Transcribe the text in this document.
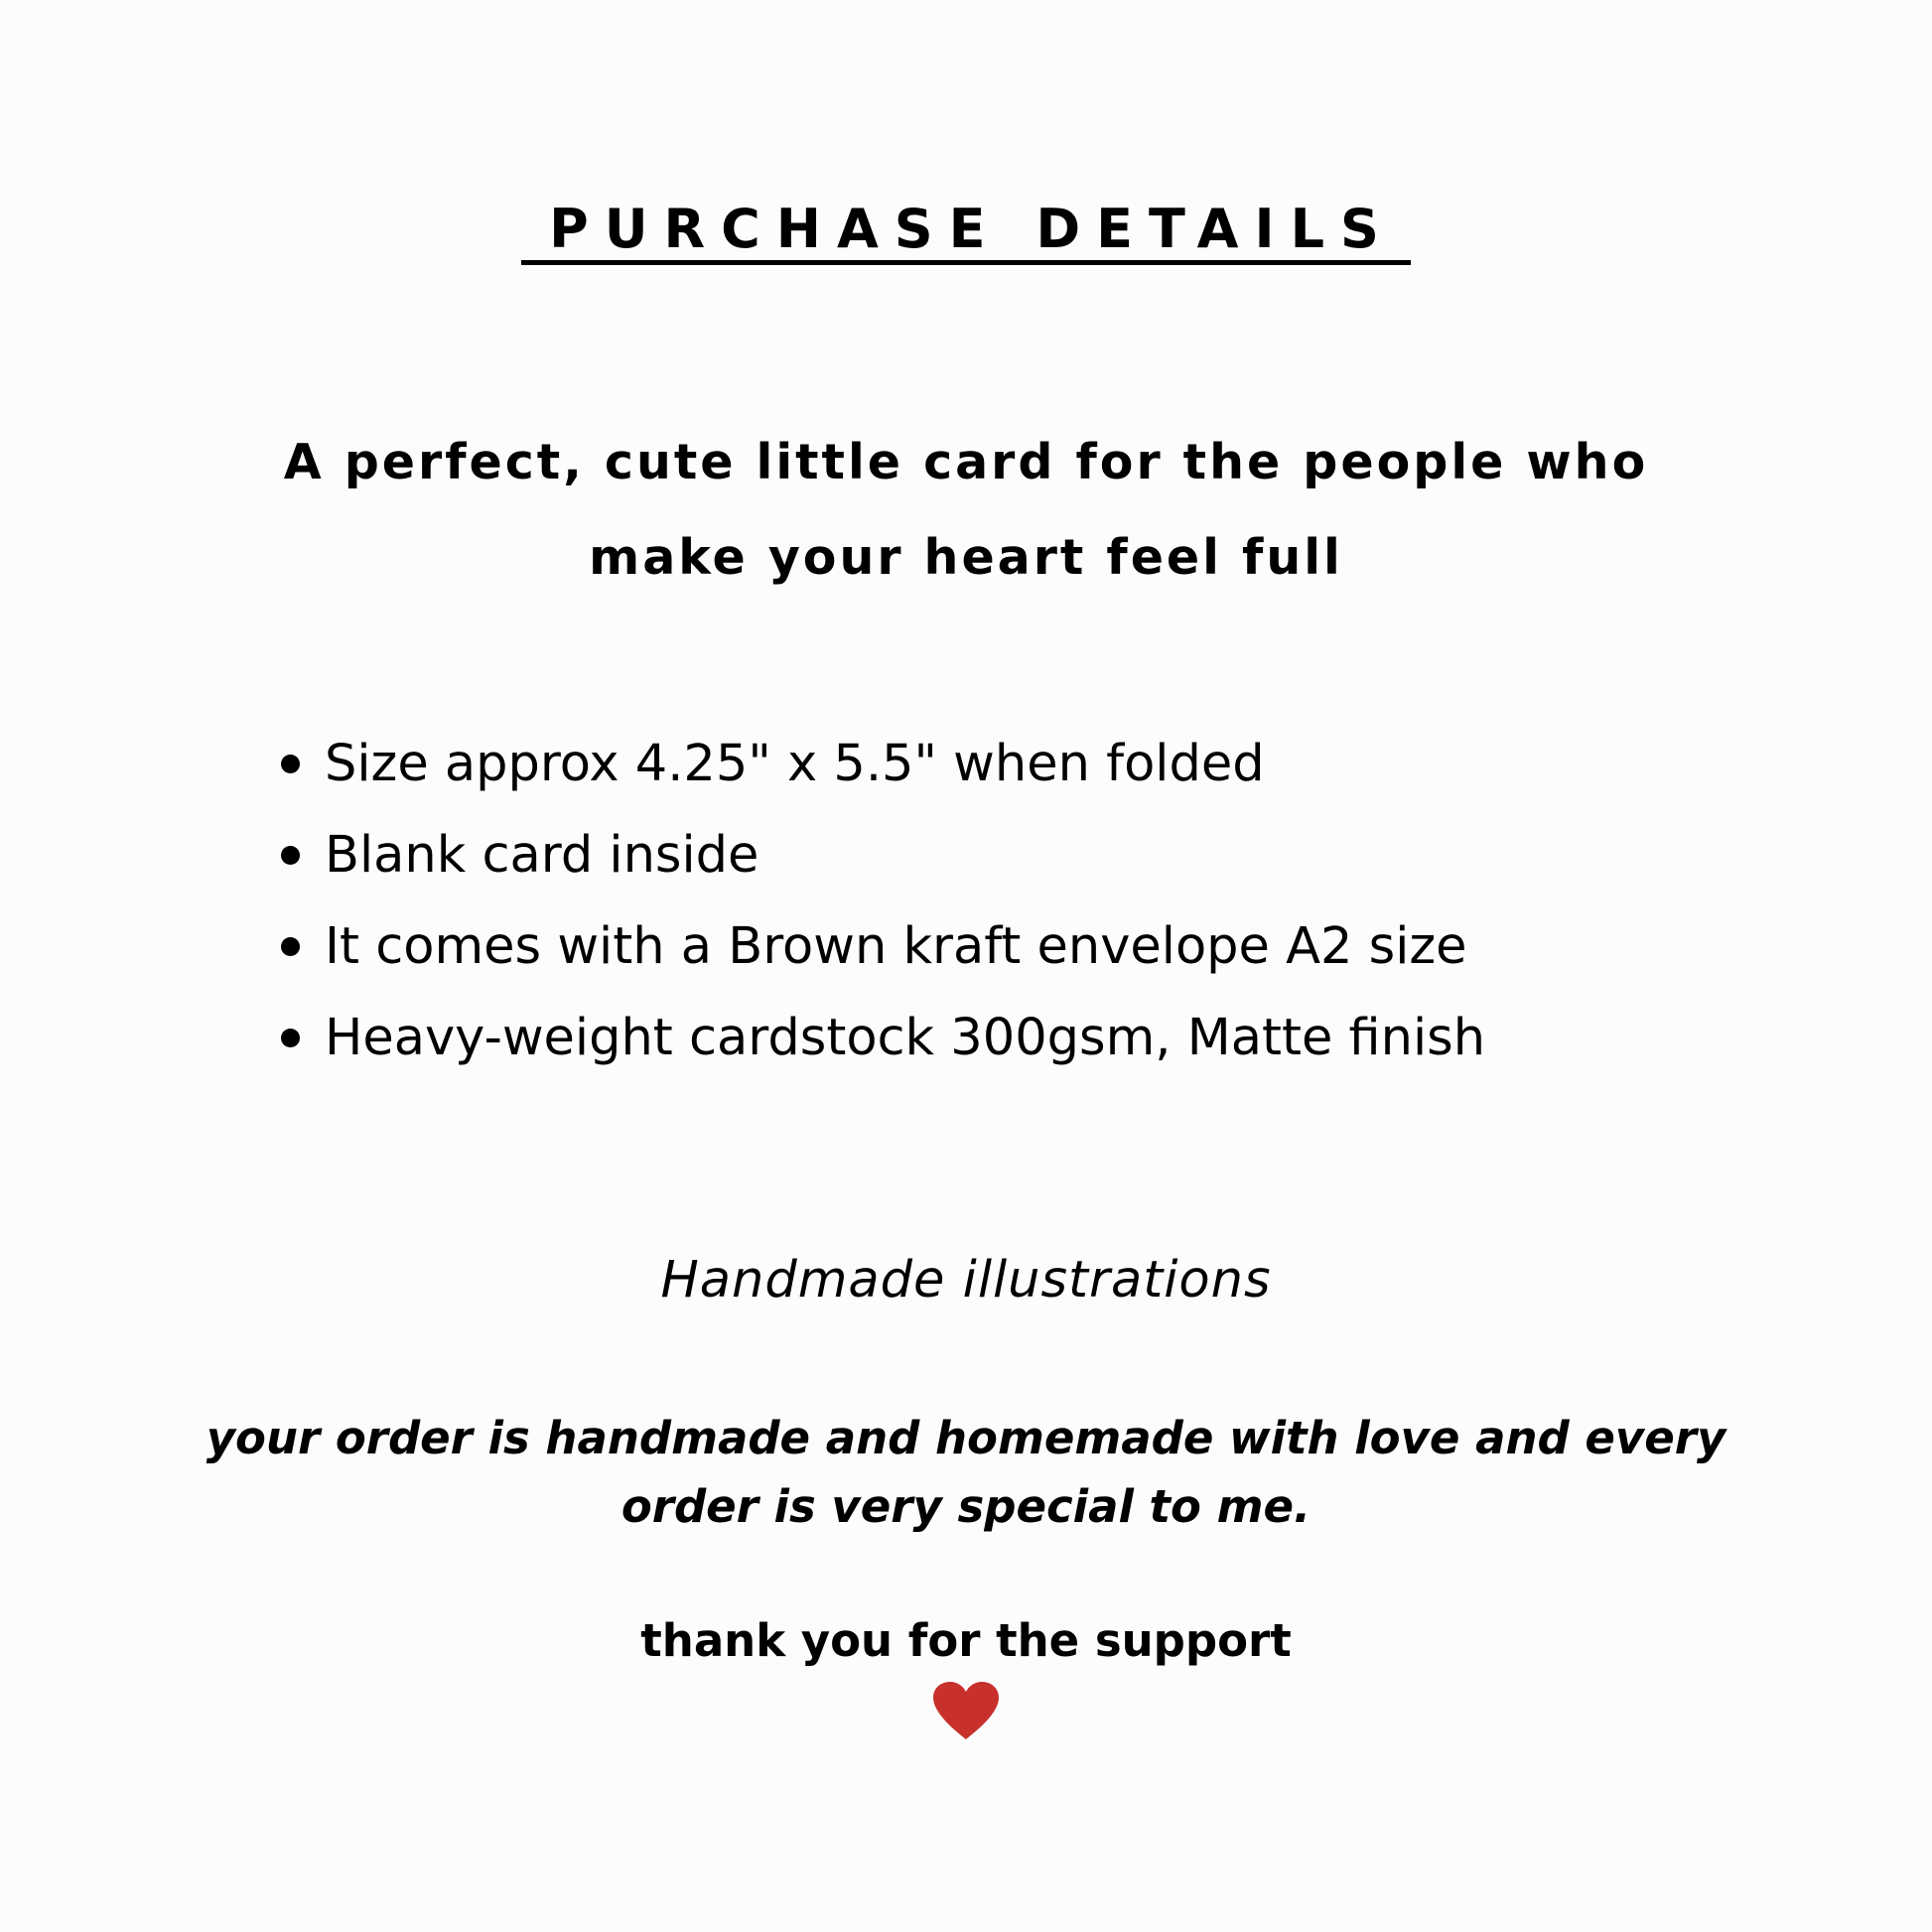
PURCHASE DETAILS
A perfect, cute little card for the people who make your heart feel full
Size approx 4.25" x 5.5" when folded
Blank card inside
It comes with a Brown kraft envelope A2 size
Heavy-weight cardstock 300gsm, Matte finish
Handmade illustrations
your order is handmade and homemade with love and every order is very special to me.
thank you for the support
